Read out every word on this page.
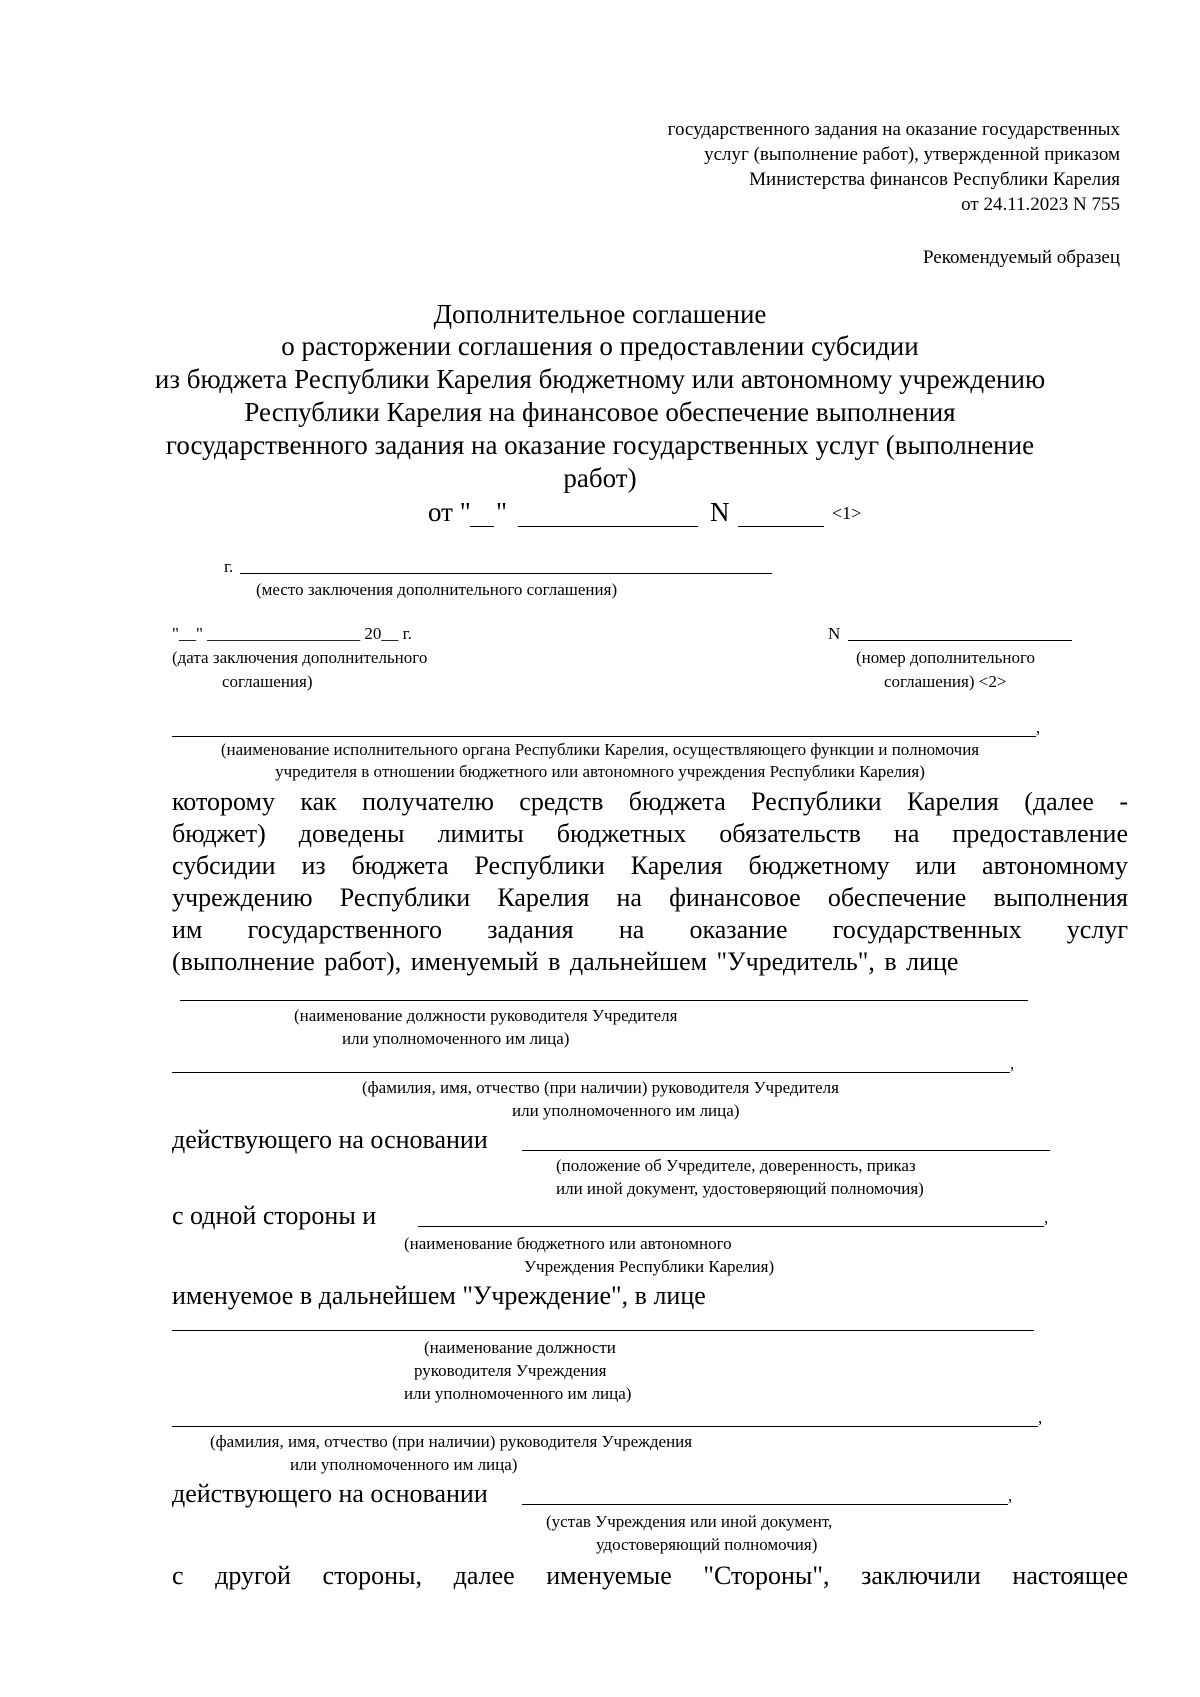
государственного задания на оказание государственных
услуг (выполнение работ), утвержденной приказом
Министерства финансов Республики Карелия
от 24.11.2023 N 755
Рекомендуемый образец
Дополнительное соглашение
о расторжении соглашения о предоставлении субсидии
из бюджета Республики Карелия бюджетному или автономному учреждению
Республики Карелия на финансовое обеспечение выполнения
государственного задания на оказание государственных услуг (выполнение
работ)
от " "	N	<1>
г.
(место заключения дополнительного соглашения)
"__" __________________ 20__ г.
(дата заключения дополнительного
соглашения)
N
(номер дополнительного
соглашения) <2>
,
(наименование исполнительного органа Республики Карелия, осуществляющего функции и полномочия
учредителя в отношении бюджетного или автономного учреждения Республики Карелия)
которому как получателю средств бюджета Республики Карелия (далее -
бюджет) доведены лимиты бюджетных обязательств на предоставление
субсидии из бюджета Республики Карелия бюджетному или автономному
учреждению Республики Карелия на финансовое обеспечение выполнения
им государственного задания на оказание государственных услуг
(выполнение работ), именуемый в дальнейшем "Учредитель", в лице
(наименование должности руководителя Учредителя
или уполномоченного им лица)
,
(фамилия, имя, отчество (при наличии) руководителя Учредителя
или уполномоченного им лица)
действующего на основании
(положение об Учредителе, доверенность, приказ
или иной документ, удостоверяющий полномочия)
с одной стороны и	,
(наименование бюджетного или автономного
Учреждения Республики Карелия)
именуемое в дальнейшем "Учреждение", в лице
(наименование должности
руководителя Учреждения
или уполномоченного им лица)
,
(фамилия, имя, отчество (при наличии) руководителя Учреждения
или уполномоченного им лица)
действующего на основании	,
(устав Учреждения или иной документ,
удостоверяющий полномочия)
с другой стороны, далее именуемые "Стороны", заключили настоящее
